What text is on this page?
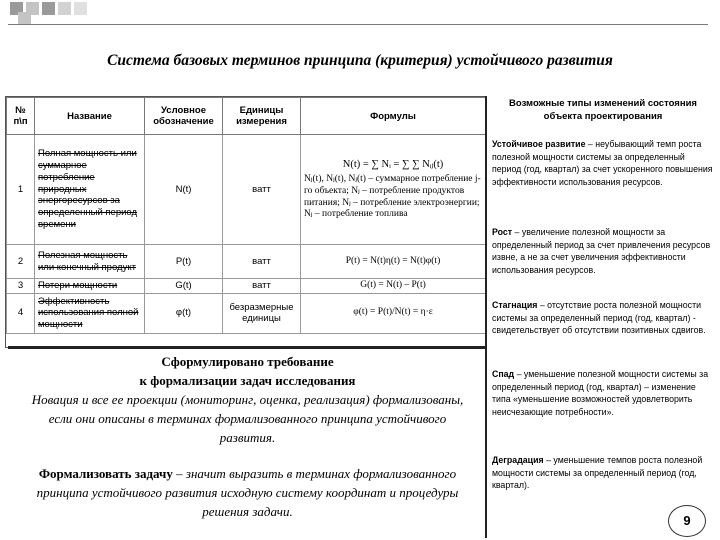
Система базовых терминов принципа (критерия) устойчивого развития
№ п\п	Название	Условное обозначение	Единицы измерения	Формулы
1	Полная мощность или суммарное потребление природных энергоресурсов за определенный период времени	N(t)	ватт	N(t) = ∑ Nᵢ = ∑ ∑ Nᵢⱼ(t)
Nⱼ(t), Nⱼ(t), Nⱼ(t) – суммарное потребление j-го объекта; Nⱼ – потребление продуктов питания; Nⱼ – потребление электроэнергии; Nⱼ – потребление топлива

2	Полезная мощность или конечный продукт	P(t)	ватт	P(t) = N(t)η(t) = N(t)φ(t)
3	Потери мощности	G(t)	ватт	G(t) = N(t) – P(t)
4	Эффективность использования полной мощности	φ(t)	безразмерные единицы	φ(t) = P(t)/N(t) = η·ε
Сформулировано требование
к формализации задач исследования
Новация и все ее проекции (мониторинг, оценка, реализация) формализованы, если они описаны в терминах формализованного принципа устойчивого развития.
Формализовать задачу – значит выразить в терминах формализованного принципа устойчивого развития исходную систему координат и процедуры решения задачи.
Возможные типы изменений состояния объекта проектирования
Устойчивое развитие – неубывающий темп роста полезной мощности системы за определенный период (год, квартал) за счет ускоренного повышения эффективности использования ресурсов.
Рост – увеличение полезной мощности за определенный период за счет привлечения ресурсов извне, а не за счет увеличения эффективности использования ресурсов.
Стагнация – отсутствие роста полезной мощности системы за определенный период (год, квартал) - свидетельствует об отсутствии позитивных сдвигов.
Спад – уменьшение полезной мощности системы за определенный период (год, квартал) – изменение типа «уменьшение возможностей удовлетворить неисчезающие потребности».
Деградация – уменьшение темпов роста полезной мощности системы за определенный период (год, квартал).
9
